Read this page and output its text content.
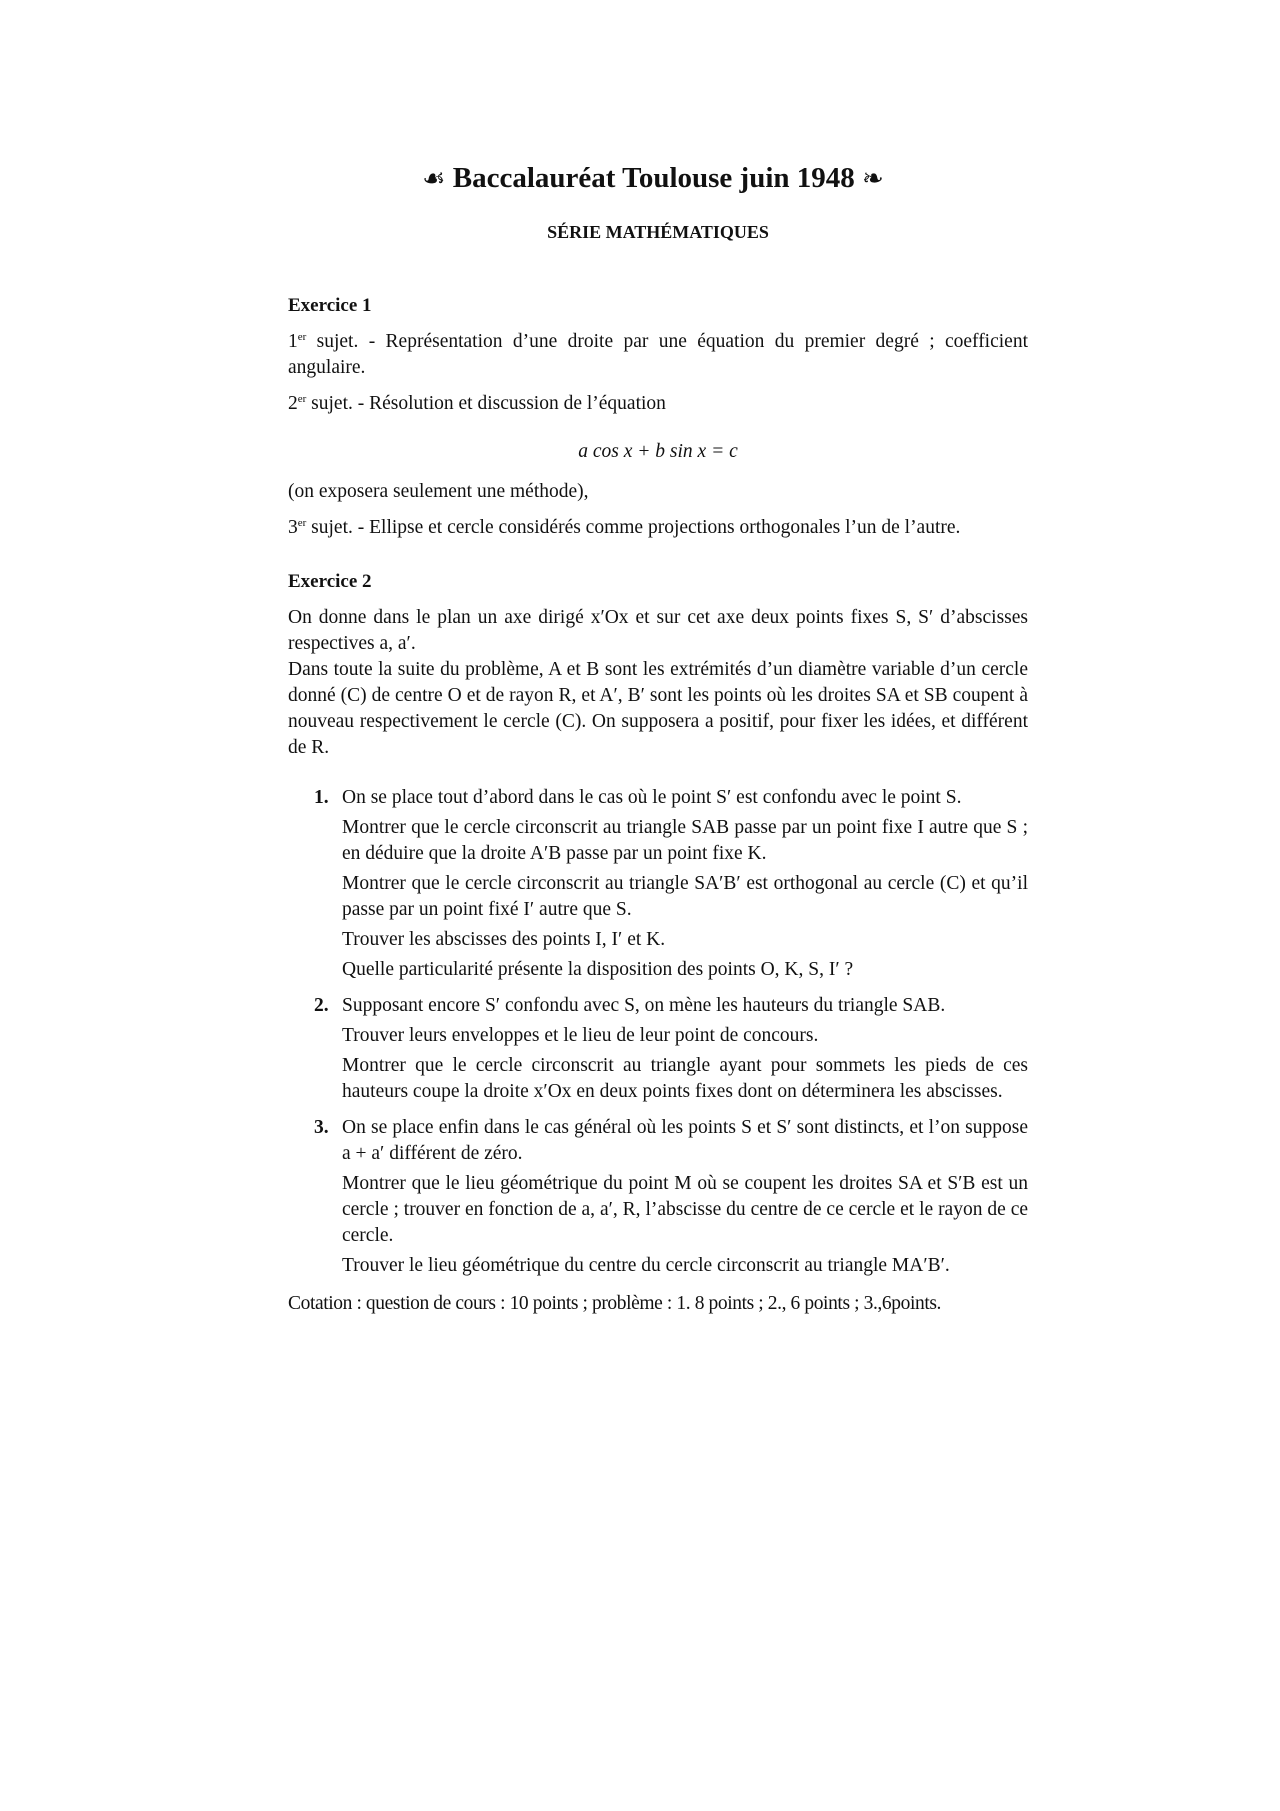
☙ Baccalauréat Toulouse juin 1948 ❧
SÉRIE MATHÉMATIQUES
Exercice 1

1er sujet. - Représentation d’une droite par une équation du premier degré ; coefficient angulaire.

2er sujet. - Résolution et discussion de l’équation

a cos x + b sin x = c

(on exposera seulement une méthode),

3er sujet. - Ellipse et cercle considérés comme projections orthogonales l’un de l’autre.

Exercice 2

On donne dans le plan un axe dirigé x′Ox et sur cet axe deux points fixes S, S′ d’abscisses respectives a, a′.

Dans toute la suite du problème, A et B sont les extrémités d’un diamètre variable d’un cercle donné (C) de centre O et de rayon R, et A′, B′ sont les points où les droites SA et SB coupent à nouveau respectivement le cercle (C). On supposera a positif, pour fixer les idées, et différent de R.

1. On se place tout d’abord dans le cas où le point S′ est confondu avec le point S.

Montrer que le cercle circonscrit au triangle SAB passe par un point fixe I autre que S ; en déduire que la droite A′B passe par un point fixe K.

Montrer que le cercle circonscrit au triangle SA′B′ est orthogonal au cercle (C) et qu’il passe par un point fixé I′ autre que S.

Trouver les abscisses des points I, I′ et K.

Quelle particularité présente la disposition des points O, K, S, I′ ?

2. Supposant encore S′ confondu avec S, on mène les hauteurs du triangle SAB.

Trouver leurs enveloppes et le lieu de leur point de concours.

Montrer que le cercle circonscrit au triangle ayant pour sommets les pieds de ces hauteurs coupe la droite x′Ox en deux points fixes dont on déterminera les abscisses.

3. On se place enfin dans le cas général où les points S et S′ sont distincts, et l’on suppose a + a′ différent de zéro.

Montrer que le lieu géométrique du point M où se coupent les droites SA et S′B est un cercle ; trouver en fonction de a, a′, R, l’abscisse du centre de ce cercle et le rayon de ce cercle.

Trouver le lieu géométrique du centre du cercle circonscrit au triangle MA′B′.

Cotation : question de cours : 10 points ; problème : 1. 8 points ; 2., 6 points ; 3.,6points.
